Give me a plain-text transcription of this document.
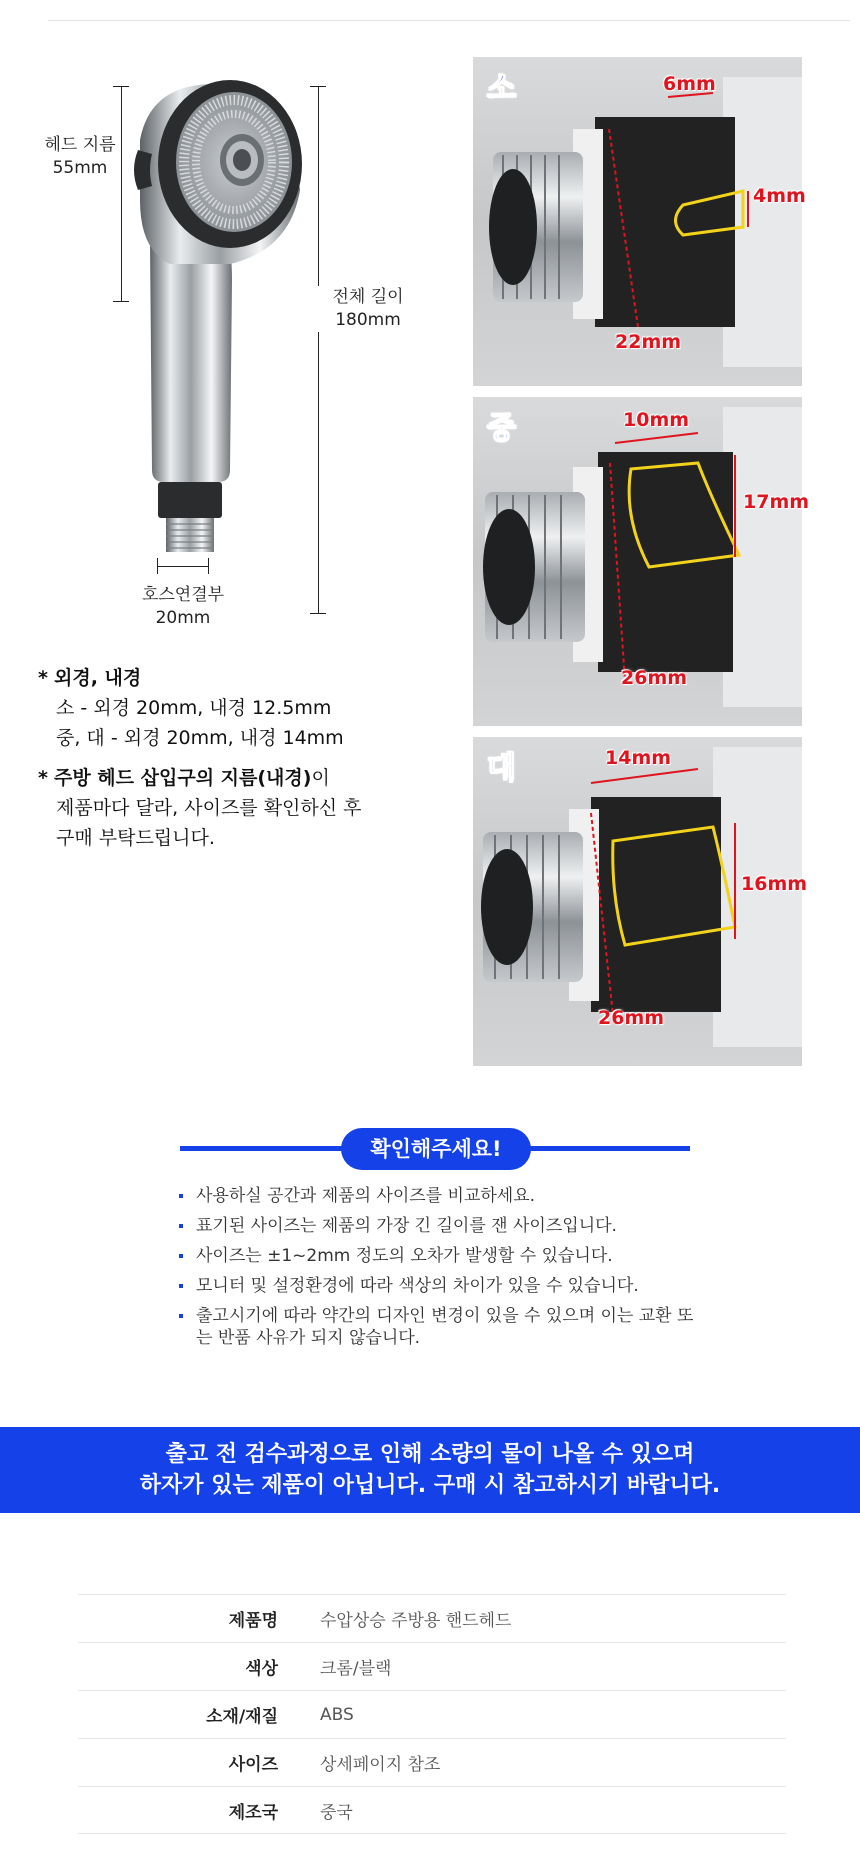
헤드 지름
55mm
전체 길이
180mm
호스연결부
20mm
소	6mm
4mm
22mm
중	10mm
17mm
26mm
대	14mm
16mm
26mm
* 외경, 내경
소 - 외경 20mm, 내경 12.5mm
중, 대 - 외경 20mm, 내경 14mm
* 주방 헤드 삽입구의 지름(내경)이
제품마다 달라, 사이즈를 확인하신 후
구매 부탁드립니다.
확인해주세요!
사용하실 공간과 제품의 사이즈를 비교하세요.
표기된 사이즈는 제품의 가장 긴 길이를 잰 사이즈입니다.
사이즈는 ±1~2mm 정도의 오차가 발생할 수 있습니다.
모니터 및 설정환경에 따라 색상의 차이가 있을 수 있습니다.
출고시기에 따라 약간의 디자인 변경이 있을 수 있으며 이는 교환 또는 반품 사유가 되지 않습니다.
출고 전 검수과정으로 인해 소량의 물이 나올 수 있으며
하자가 있는 제품이 아닙니다. 구매 시 참고하시기 바랍니다.
제품명 수압상승 주방용 핸드헤드
색상 크롬/블랙
소재/재질 ABS
사이즈 상세페이지 참조
제조국 중국
